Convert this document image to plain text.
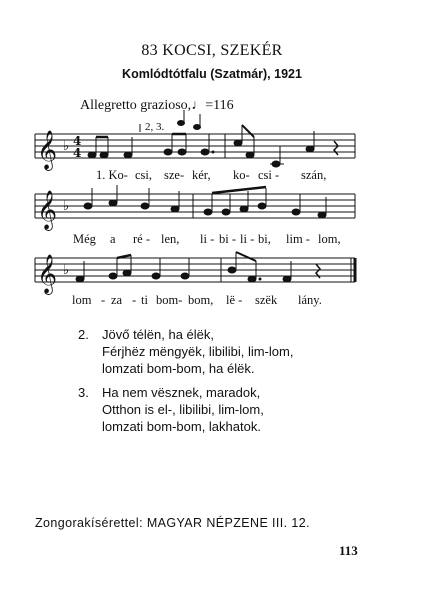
83 KOCSI, SZEKÉR
Komlódtótfalu (Szatmár), 1921
Allegretto grazioso,♩=116
2, 3.
𝄞
𝄞
𝄞
♭
♭
♭
4
4
1. Ko- csi, sze- kér, ko- csi - szán,
Még a ré - len, li - bi - li - bi, lim - lom,
lom - za - ti bom- bom, lë - szëk lány.
2. Jövő télën, ha élëk,
Férjhëz mëngyëk, libilibi, lim-lom,
lomzati bom-bom, ha élëk.
3. Ha nem vësznek, maradok,
Otthon is el-, libilibi, lim-lom,
lomzati bom-bom, lakhatok.
Zongorakísérettel: MAGYAR NÉPZENE III. 12.
113
